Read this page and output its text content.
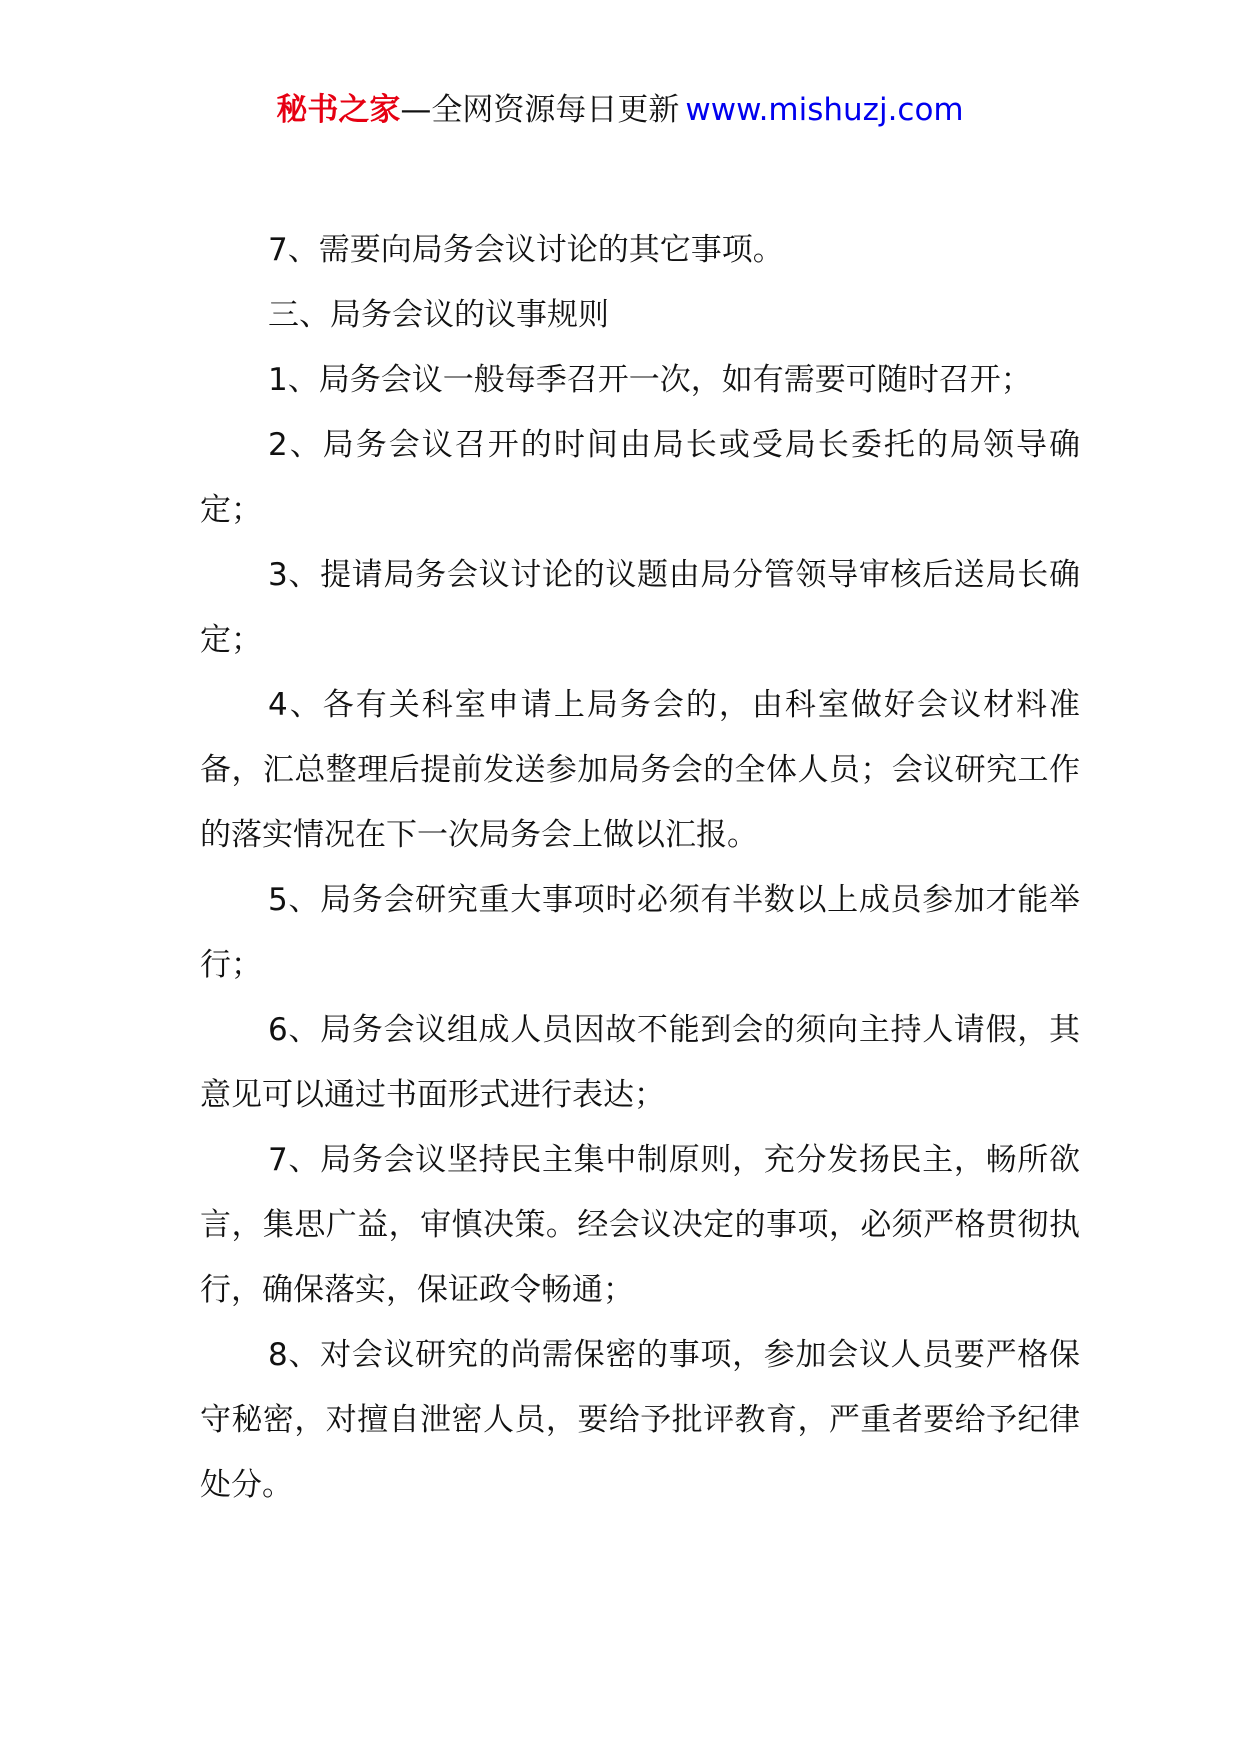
秘书之家—全网资源每日更新 www.mishuzj.com

7、需要向局务会议讨论的其它事项。

三、局务会议的议事规则

1、局务会议一般每季召开一次，如有需要可随时召开；

2、局务会议召开的时间由局长或受局长委托的局领导确定；

3、提请局务会议讨论的议题由局分管领导审核后送局长确定；

4、各有关科室申请上局务会的，由科室做好会议材料准备，汇总整理后提前发送参加局务会的全体人员；会议研究工作的落实情况在下一次局务会上做以汇报。

5、局务会研究重大事项时必须有半数以上成员参加才能举行；

6、局务会议组成人员因故不能到会的须向主持人请假，其意见可以通过书面形式进行表达；

7、局务会议坚持民主集中制原则，充分发扬民主，畅所欲言，集思广益，审慎决策。经会议决定的事项，必须严格贯彻执行，确保落实，保证政令畅通；

8、对会议研究的尚需保密的事项，参加会议人员要严格保守秘密，对擅自泄密人员，要给予批评教育，严重者要给予纪律处分。
